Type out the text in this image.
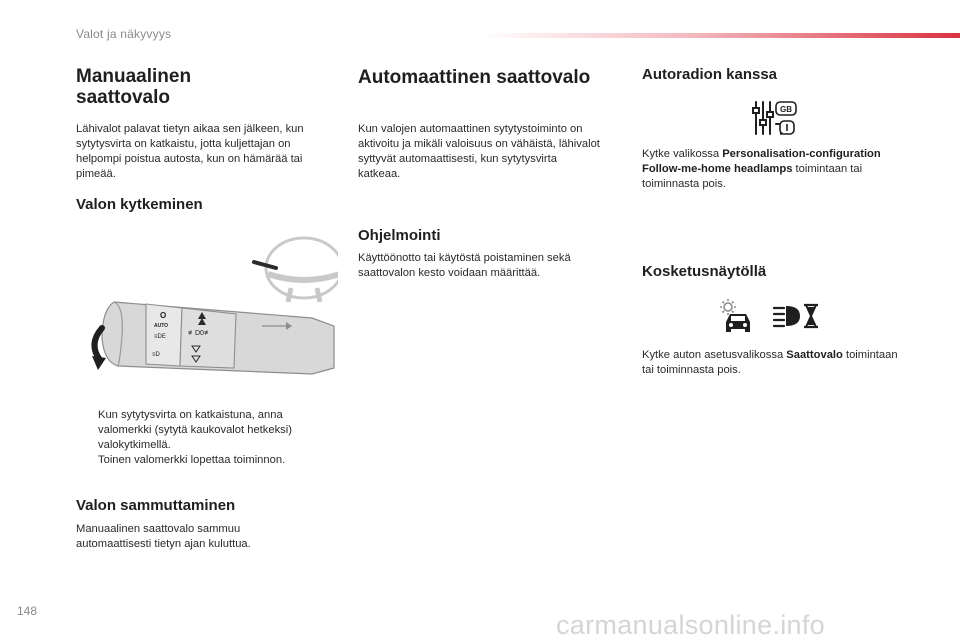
Valot ja näkyvyys
Manuaalinen
saattovalo

Lähivalot palavat tietyn aikaa sen jälkeen, kun sytytysvirta on katkaistu, jotta kuljettajan on helpompi poistua autosta, kun on hämärää tai pimeää.

Valon kytkeminen
O
AUTO
≡DE
≡D
≢D0≢
Kun sytytysvirta on katkaistuna, anna valomerkki (sytytä kaukovalot hetkeksi) valokytkimellä.
Toinen valomerkki lopettaa toiminnon.
Valon sammuttaminen

Manuaalinen saattovalo sammuu automaattisesti tietyn ajan kuluttua.

Automaattinen saattovalo

Kun valojen automaattinen sytytystoiminto on aktivoitu ja mikäli valoisuus on vähäistä, lähivalot syttyvät automaattisesti, kun sytytysvirta katkeaa.

Ohjelmointi

Käyttöönotto tai käytöstä poistaminen sekä saattovalon kesto voidaan määrittää.

Autoradion kanssa
GB

Kytke valikossa Personalisation-configuration Follow-me-home headlamps toimintaan tai toiminnasta pois.

Kosketusnäytöllä

Kytke auton asetusvalikossa Saattovalo toimintaan tai toiminnasta pois.

148	carmanualsonline.info
